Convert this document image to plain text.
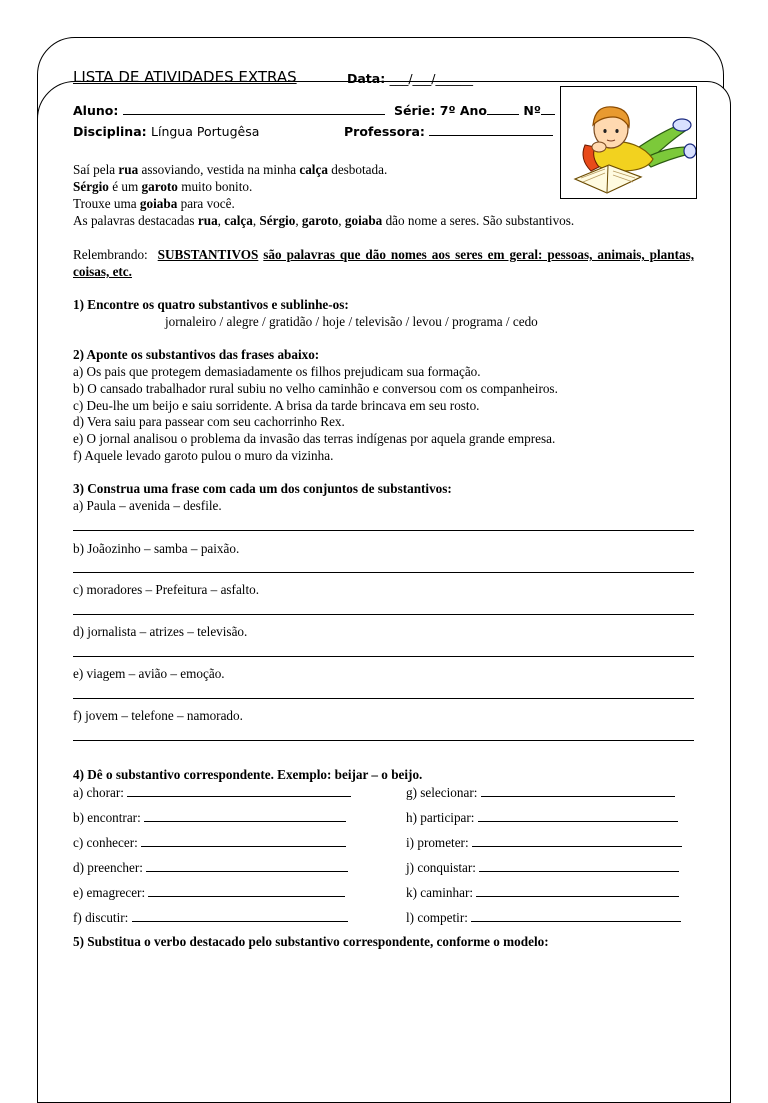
LISTA DE ATIVIDADES EXTRAS	Data: ___/___/______
Aluno:	Série: 7º Ano	Nº
Disciplina: Língua Portugêsa	Professora:
Saí pela rua assoviando, vestida na minha calça desbotada.
Sérgio é um garoto muito bonito.
Trouxe uma goiaba para você.
As palavras destacadas rua, calça, Sérgio, garoto, goiaba dão nome a seres. São substantivos.
Relembrando: SUBSTANTIVOS são palavras que dão nomes aos seres em geral: pessoas, animais, plantas, coisas, etc.
1) Encontre os quatro substantivos e sublinhe-os:
jornaleiro / alegre / gratidão / hoje / televisão / levou / programa / cedo
2) Aponte os substantivos das frases abaixo:
a) Os pais que protegem demasiadamente os filhos prejudicam sua formação.
b) O cansado trabalhador rural subiu no velho caminhão e conversou com os companheiros.
c) Deu-lhe um beijo e saiu sorridente. A brisa da tarde brincava em seu rosto.
d) Vera saiu para passear com seu cachorrinho Rex.
e) O jornal analisou o problema da invasão das terras indígenas por aquela grande empresa.
f) Aquele levado garoto pulou o muro da vizinha.
3) Construa uma frase com cada um dos conjuntos de substantivos:
a) Paula – avenida – desfile.
b) Joãozinho – samba – paixão.
c) moradores – Prefeitura – asfalto.
d) jornalista – atrizes – televisão.
e) viagem – avião – emoção.
f) jovem – telefone – namorado.
4) Dê o substantivo correspondente. Exemplo: beijar – o beijo.
a) chorar:
b) encontrar:
c) conhecer:
d) preencher:
e) emagrecer:
f) discutir:
g) selecionar:
h) participar:
i) prometer:
j) conquistar:
k) caminhar:
l) competir:
5) Substitua o verbo destacado pelo substantivo correspondente, conforme o modelo:
